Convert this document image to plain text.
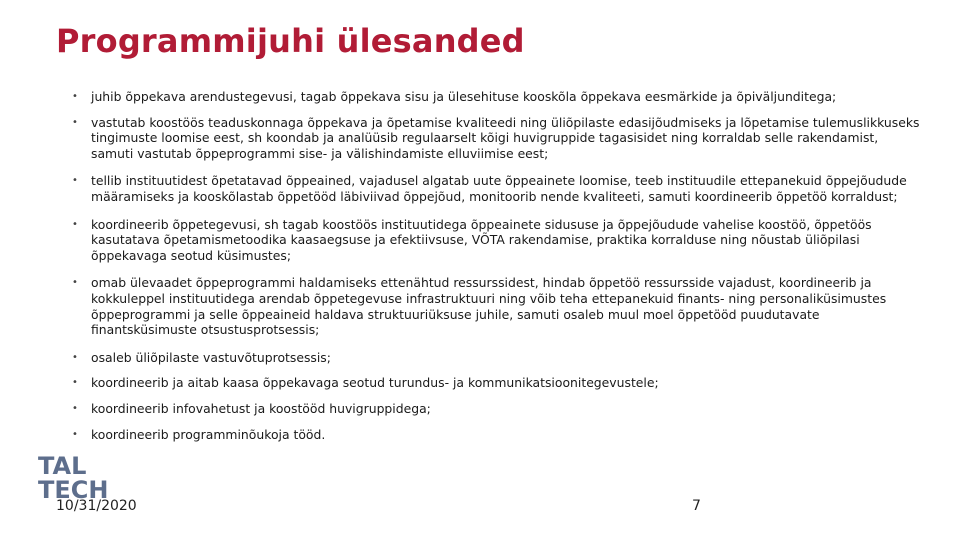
Programmijuhi ülesanded
• juhib õppekava arendustegevusi, tagab õppekava sisu ja ülesehituse kooskõla õppekava eesmärkide ja õpiväljunditega;
• vastutab koostöös teaduskonnaga õppekava ja õpetamise kvaliteedi ning üliõpilaste edasijõudmiseks ja lõpetamise tulemuslikkuseks tingimuste loomise eest, sh koondab ja analüüsib regulaarselt kõigi huvigruppide tagasisidet ning korraldab selle rakendamist, samuti vastutab õppeprogrammi sise- ja välishindamiste elluviimise eest;
• tellib instituutidest õpetatavad õppeained, vajadusel algatab uute õppeainete loomise, teeb instituudile ettepanekuid õppejõudude määramiseks ja kooskõlastab õppetööd läbiviivad õppejõud, monitoorib nende kvaliteeti, samuti koordineerib õppetöö korraldust;
• koordineerib õppetegevusi, sh tagab koostöös instituutidega õppeainete sidususe ja õppejõudude vahelise koostöö, õppetöös kasutatava õpetamismetoodika kaasaegsuse ja efektiivsuse, VÕTA rakendamise, praktika korralduse ning nõustab üliõpilasi õppekavaga seotud küsimustes;
• omab ülevaadet õppeprogrammi haldamiseks ettenähtud ressurssidest, hindab õppetöö ressursside vajadust, koordineerib ja kokkuleppel instituutidega arendab õppetegevuse infrastruktuuri ning võib teha ettepanekuid finants- ning personaliküsimustes õppeprogrammi ja selle õppeaineid haldava struktuuriüksuse juhile, samuti osaleb muul moel õppetööd puudutavate finantsküsimuste otsustusprotsessis;
• osaleb üliõpilaste vastuvõtuprotsessis;
• koordineerib ja aitab kaasa õppekavaga seotud turundus- ja kommunikatsioonitegevustele;
• koordineerib infovahetust ja koostööd huvigruppidega;
• koordineerib programminõukoja tööd.
TAL
TECH
10/31/2020	7
